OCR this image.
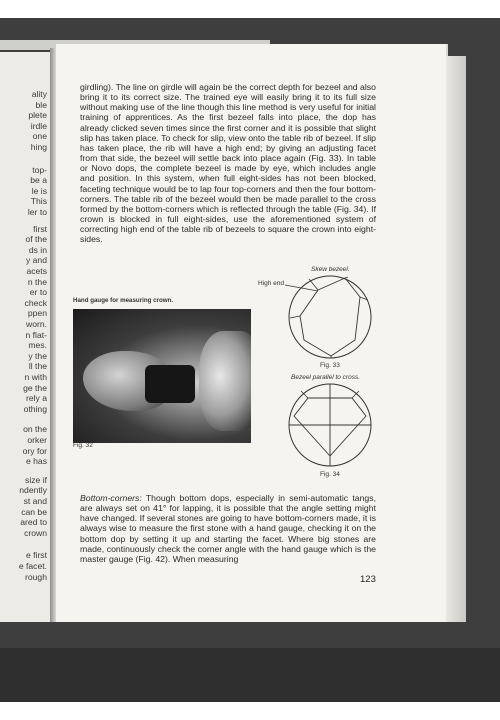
ality
ble
plete
irdle
one
hing
top-
be a
le is
This
ler to
first
of the
ds in
y and
acets
n the
er to
check
ppen
worn.
n flat-
mes.
y the
ll the
n with
ge the
rely a
othing
on the
orker
ory for
e has
size if
ndently
st and
can be
ared to
crown
e first
e facet.
rough
girdling). The line on girdle will again be the correct depth for bezeel and also bring it to its correct size. The trained eye will easily bring it to its full size without making use of the line though this line method is very useful for initial training of apprentices. As the first bezeel falls into place, the dop has already clicked seven times since the first corner and it is possible that slight slip has taken place. To check for slip, view onto the table rib of bezeel. If slip has taken place, the rib will have a high end; by giving an adjusting facet from that side, the bezeel will settle back into place again (Fig. 33). In table or Novo dops, the complete bezeel is made by eye, which includes angle and position. In this system, when full eight-sides has not been blocked, faceting technique would be to lap four top-corners and then the four bottom-corners. The table rib of the bezeel would then be made parallel to the cross formed by the bottom-corners which is reflected through the table (Fig. 34). If crown is blocked in full eight-sides, use the aforementioned system of correcting high end of the table rib of bezeels to square the crown into eight-sides.
Hand gauge for measuring crown.
Fig. 32
Skew bezeel.
High end
Fig. 33
Bezeel parallel to cross.
Fig. 34
Bottom-corners: Though bottom dops, especially in semi-automatic tangs, are always set on 41° for lapping, it is possible that the angle setting might have changed. If several stones are going to have bottom-corners made, it is always wise to measure the first stone with a hand gauge, checking it on the bottom dop by setting it up and starting the facet. Where big stones are made, continuously check the corner angle with the hand gauge which is the master gauge (Fig. 42). When measuring
123
